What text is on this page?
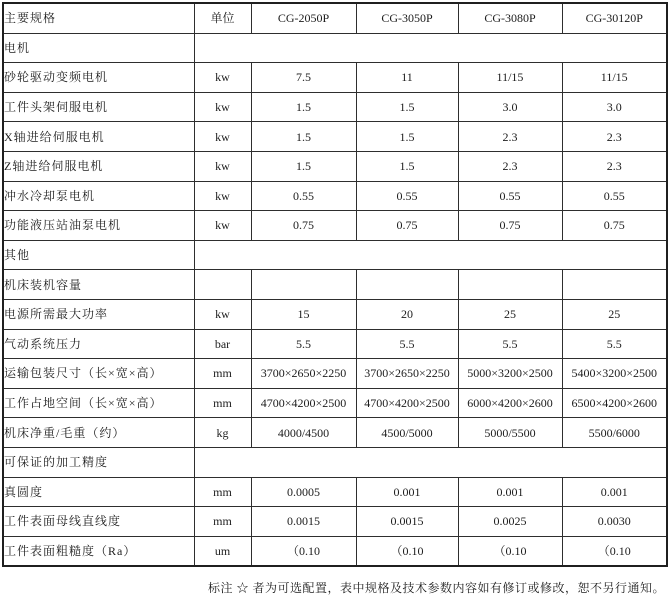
主要规格	单位	CG-2050P	CG-3050P	CG-3080P	CG-30120P
电机					
砂轮驱动变频电机	kw	7.5	11	11/15	11/15
工件头架伺服电机	kw	1.5	1.5	3.0	3.0
X轴进给伺服电机	kw	1.5	1.5	2.3	2.3
Z轴进给伺服电机	kw	1.5	1.5	2.3	2.3
冲水冷却泵电机	kw	0.55	0.55	0.55	0.55
功能液压站油泵电机	kw	0.75	0.75	0.75	0.75
其他					
机床装机容量					
电源所需最大功率	kw	15	20	25	25
气动系统压力	bar	5.5	5.5	5.5	5.5
运输包装尺寸（长×宽×高）	mm	3700×2650×2250	3700×2650×2250	5000×3200×2500	5400×3200×2500
工作占地空间（长×宽×高）	mm	4700×4200×2500	4700×4200×2500	6000×4200×2600	6500×4200×2600
机床净重/毛重（约）	kg	4000/4500	4500/5000	5000/5500	5500/6000
可保证的加工精度					
真圆度	mm	0.0005	0.001	0.001	0.001
工件表面母线直线度	mm	0.0015	0.0015	0.0025	0.0030
工件表面粗糙度（Ra）	um	（0.10	（0.10	（0.10	（0.10
标注 ☆ 者为可选配置，表中规格及技术参数内容如有修订或修改，恕不另行通知。
